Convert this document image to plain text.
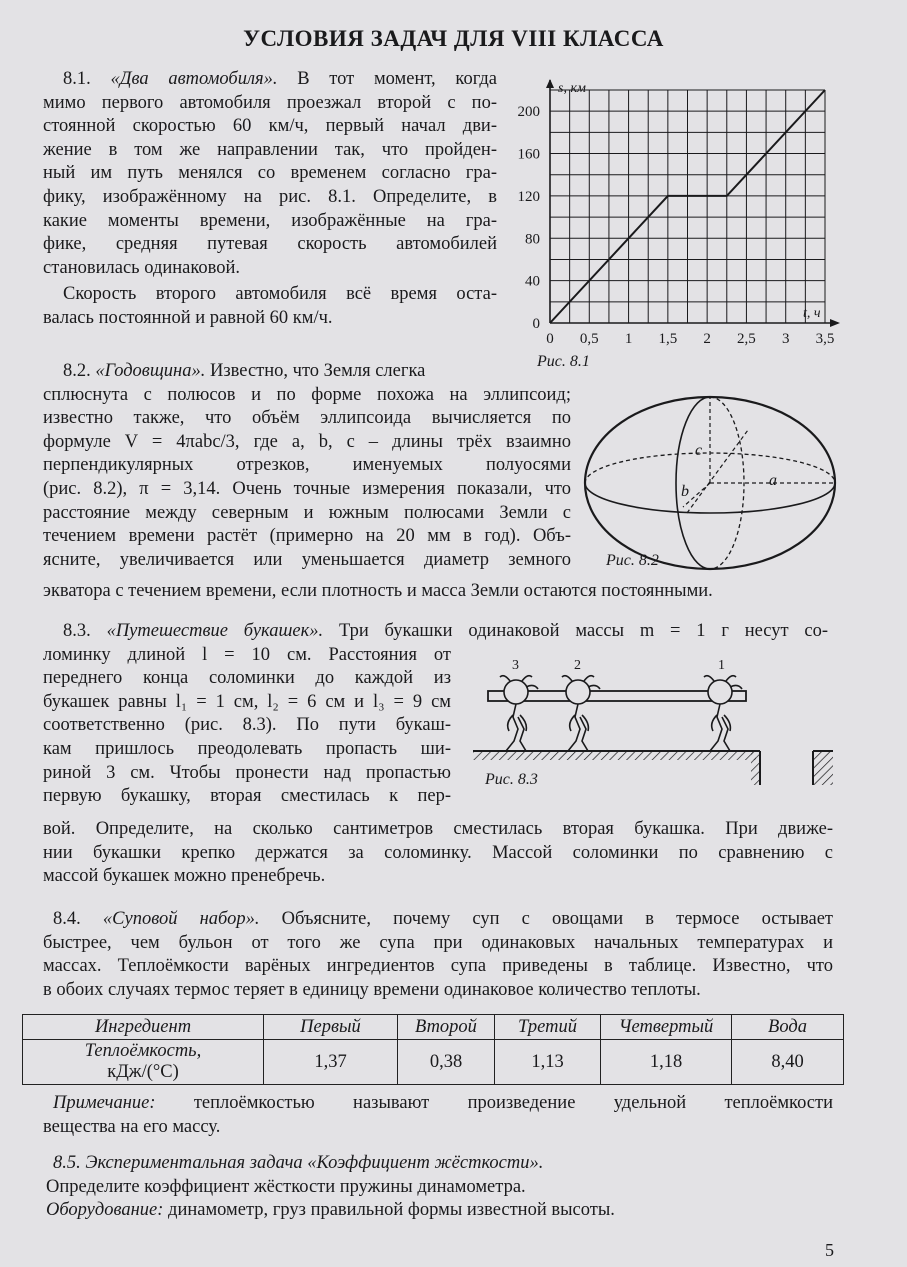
УСЛОВИЯ ЗАДАЧ ДЛЯ VIII КЛАССА
8.1. «Два автомобиля». В тот момент, когда
мимо первого автомобиля проезжал второй с по-
стоянной скоростью 60 км/ч, первый начал дви-
жение в том же направлении так, что пройден-
ный им путь менялся со временем согласно гра-
фику, изображённому на рис. 8.1. Определите, в
какие моменты времени, изображённые на гра-
фике, средняя путевая скорость автомобилей
становилась одинаковой.
Скорость второго автомобиля всё время оста-
валась постоянной и равной 60 км/ч.
0 0,5 1 1,5 2 2,5 3 3,5
0
40
80
120
160
200
s, км
t, ч
Рис. 8.1
8.2. «Годовщина». Известно, что Земля слегка
сплюснута с полюсов и по форме похожа на эллипсоид;
известно также, что объём эллипсоида вычисляется по
формуле V = 4πabc/3, где a, b, c – длины трёх взаимно
перпендикулярных отрезков, именуемых полуосями
(рис. 8.2), π = 3,14. Очень точные измерения показали, что
расстояние между северным и южным полюсами Земли с
течением времени растёт (примерно на 20 мм в год). Объ-
ясните, увеличивается или уменьшается диаметр земного
экватора с течением времени, если плотность и масса Земли остаются постоянными.
c
a
b
Рис. 8.2
8.3. «Путешествие букашек». Три букашки одинаковой массы m = 1 г несут со-
ломинку длиной l = 10 см. Расстояния от
переднего конца соломинки до каждой из
букашек равны l₁ = 1 см, l₂ = 6 см и l₃ = 9 см
соответственно (рис. 8.3). По пути букаш-
кам пришлось преодолевать пропасть ши-
риной 3 см. Чтобы пронести над пропастью
первую букашку, вторая сместилась к пер-
вой. Определите, на сколько сантиметров сместилась вторая букашка. При движе-
нии букашки крепко держатся за соломинку. Массой соломинки по сравнению с
массой букашек можно пренебречь.
3	2	1
Рис. 8.3
8.4. «Суповой набор». Объясните, почему суп с овощами в термосе остывает
быстрее, чем бульон от того же супа при одинаковых начальных температурах и
массах. Теплоёмкости варёных ингредиентов супа приведены в таблице. Известно, что
в обоих случаях термос теряет в единицу времени одинаковое количество теплоты.
Ингредиент	Первый	Второй	Третий	Четвертый	Вода
Теплоёмкость,
кДж/(°С)	1,37	0,38	1,13	1,18	8,40
Примечание: теплоёмкостью называют произведение удельной теплоёмкости
вещества на его массу.
8.5. Экспериментальная задача «Коэффициент жёсткости».
Определите коэффициент жёсткости пружины динамометра.
Оборудование: динамометр, груз правильной формы известной высоты.
5
